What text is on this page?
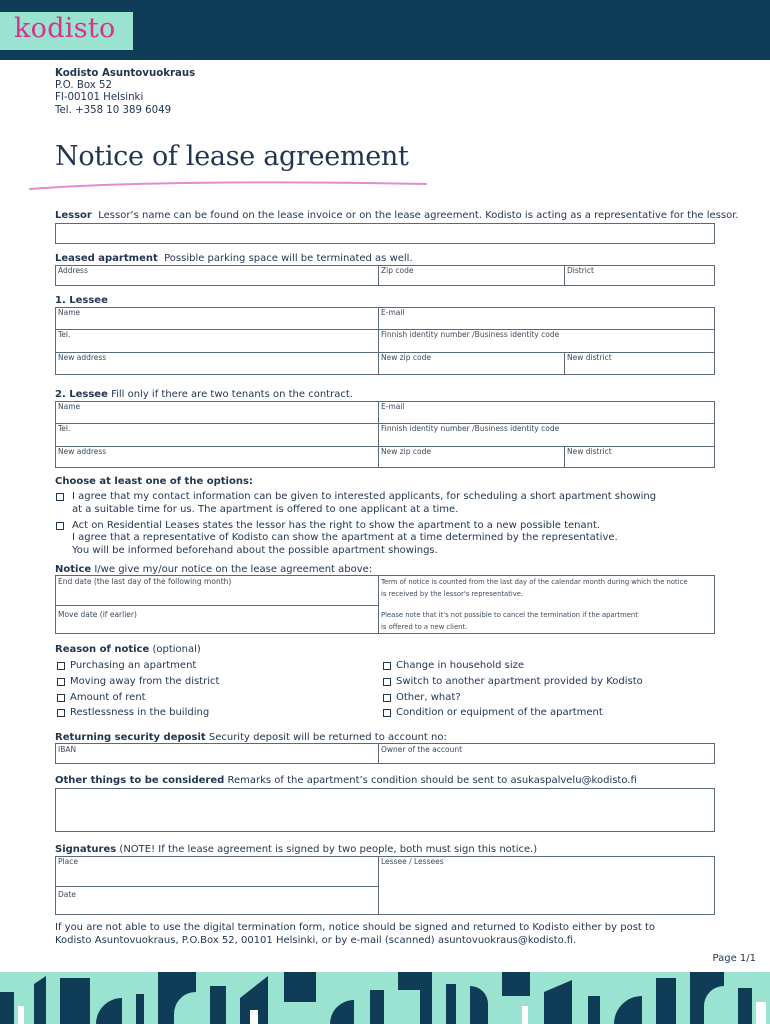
kodisto
Kodisto Asuntovuokraus
P.O. Box 52
FI-00101 Helsinki
Tel. +358 10 389 6049
Notice of lease agreement
Lessor Lessor’s name can be found on the lease invoice or on the lease agreement. Kodisto is acting as a representative for the lessor.
Leased apartment Possible parking space will be terminated as well.
Address	Zip code	District
1. Lessee
Name	E-mail
Tel.	Finnish identity number /Business identity code
New address	New zip code	New district
2. Lessee Fill only if there are two tenants on the contract.
Name	E-mail
Tel.	Finnish identity number /Business identity code
New address	New zip code	New district
Choose at least one of the options:
I agree that my contact information can be given to interested applicants, for scheduling a short apartment showing
at a suitable time for us. The apartment is offered to one applicant at a time.
Act on Residential Leases states the lessor has the right to show the apartment to a new possible tenant.
I agree that a representative of Kodisto can show the apartment at a time determined by the representative.
You will be informed beforehand about the possible apartment showings.
Notice I/we give my/our notice on the lease agreement above:
End date (the last day of the following month)	Term of notice is counted from the last day of the calendar month during which the notice
is received by the lessor's representative.
Move date (if earlier)	Please note that it's not possible to cancel the termination if the apartment
is offered to a new client.
Reason of notice (optional)
Purchasing an apartment
Moving away from the district
Amount of rent
Restlessness in the building
Change in household size
Switch to another apartment provided by Kodisto
Other, what?
Condition or equipment of the apartment
Returning security deposit Security deposit will be returned to account no:
IBAN	Owner of the account
Other things to be considered Remarks of the apartment’s condition should be sent to asukaspalvelu@kodisto.fi
Signatures (NOTE! If the lease agreement is signed by two people, both must sign this notice.)
Place	Lessee / Lessees
Date
If you are not able to use the digital termination form, notice should be signed and returned to Kodisto either by post to
Kodisto Asuntovuokraus, P.O.Box 52, 00101 Helsinki, or by e-mail (scanned) asuntovuokraus@kodisto.fi.
Page 1/1
